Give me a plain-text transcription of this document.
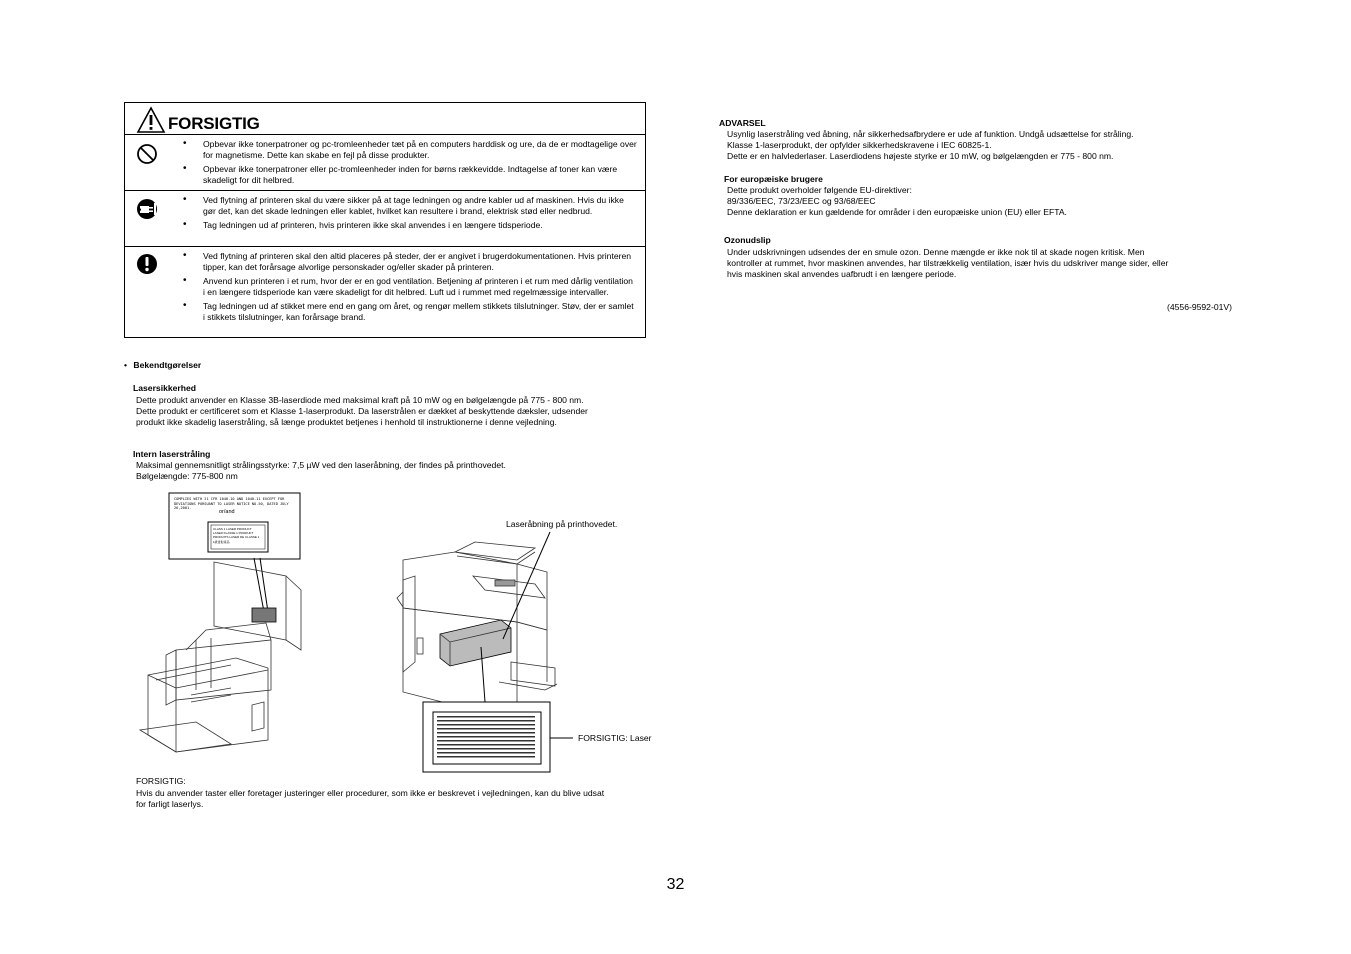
FORSIGTIG
• Opbevar ikke tonerpatroner og pc-tromleenheder tæt på en computers harddisk og ure, da de er modtagelige over for magnetisme. Dette kan skabe en fejl på disse produkter.
• Opbevar ikke tonerpatroner eller pc-tromleenheder inden for børns rækkevidde. Indtagelse af toner kan være skadeligt for dit helbred.
• Ved flytning af printeren skal du være sikker på at tage ledningen og andre kabler ud af maskinen. Hvis du ikke gør det, kan det skade ledningen eller kablet, hvilket kan resultere i brand, elektrisk stød eller nedbrud.
• Tag ledningen ud af printeren, hvis printeren ikke skal anvendes i en længere tidsperiode.
• Ved flytning af printeren skal den altid placeres på steder, der er angivet i brugerdokumentationen. Hvis printeren tipper, kan det forårsage alvorlige personskader og/eller skader på printeren.
• Anvend kun printeren i et rum, hvor der er en god ventilation. Betjening af printeren i et rum med dårlig ventilation i en længere tidsperiode kan være skadeligt for dit helbred. Luft ud i rummet med regelmæssige intervaller.
• Tag ledningen ud af stikket mere end en gang om året, og rengør mellem stikkets tilslutninger. Støv, der er samlet i stikkets tilslutninger, kan forårsage brand.
• Bekendtgørelser
Lasersikkerhed
Dette produkt anvender en Klasse 3B-laserdiode med maksimal kraft på 10 mW og en bølgelængde på 775 - 800 nm.
Dette produkt er certificeret som et Klasse 1-laserprodukt. Da laserstrålen er dækket af beskyttende dæksler, udsender
produkt ikke skadelig laserstråling, så længe produktet betjenes i henhold til instruktionerne i denne vejledning.
Intern laserstråling
Maksimal gennemsnitligt strålingsstyrke: 7,5 µW ved den laseråbning, der findes på printhovedet.
Bølgelængde: 775-800 nm
COMPLIES WITH 21 CFR 1040.10 AND 1040.11 EXCEPT FOR
DEVIATIONS PURSUANT TO LASER NOTICE NO.50, DATED JULY 26,2001.
or/and
CLASS 1 LASER PRODUCT
LASER KLASSE 1 PRODUKT
PRODUITS LASER DE CLASSE 1
1級雷射產品
Laseråbning på printhovedet.
FORSIGTIG: Laser
FORSIGTIG:
Hvis du anvender taster eller foretager justeringer eller procedurer, som ikke er beskrevet i vejledningen, kan du blive udsat
for farligt laserlys.
ADVARSEL
Usynlig laserstråling ved åbning, når sikkerhedsafbrydere er ude af funktion. Undgå udsættelse for stråling.
Klasse 1-laserprodukt, der opfylder sikkerhedskravene i IEC 60825-1.
Dette er en halvlederlaser. Laserdiodens højeste styrke er 10 mW, og bølgelængden er 775 - 800 nm.
For europæiske brugere
Dette produkt overholder følgende EU-direktiver:
89/336/EEC, 73/23/EEC og 93/68/EEC
Denne deklaration er kun gældende for områder i den europæiske union (EU) eller EFTA.
Ozonudslip
Under udskrivningen udsendes der en smule ozon. Denne mængde er ikke nok til at skade nogen kritisk. Men
kontroller at rummet, hvor maskinen anvendes, har tilstrækkelig ventilation, især hvis du udskriver mange sider, eller
hvis maskinen skal anvendes uafbrudt i en længere periode.
(4556-9592-01V)
32
